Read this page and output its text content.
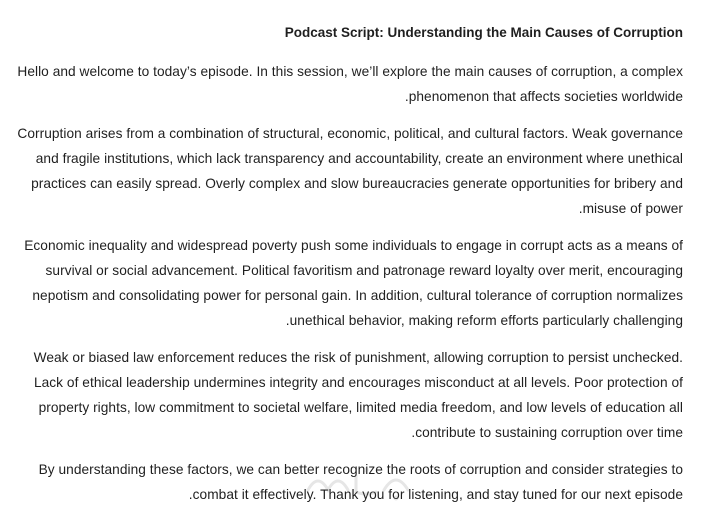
Podcast Script: Understanding the Main Causes of Corruption

Hello and welcome to today’s episode. In this session, we’ll explore the main causes of corruption, a complex phenomenon that affects societies worldwide.

Corruption arises from a combination of structural, economic, political, and cultural factors. Weak governance and fragile institutions, which lack transparency and accountability, create an environment where unethical practices can easily spread. Overly complex and slow bureaucracies generate opportunities for bribery and misuse of power.

Economic inequality and widespread poverty push some individuals to engage in corrupt acts as a means of survival or social advancement. Political favoritism and patronage reward loyalty over merit, encouraging nepotism and consolidating power for personal gain. In addition, cultural tolerance of corruption normalizes unethical behavior, making reform efforts particularly challenging.

Weak or biased law enforcement reduces the risk of punishment, allowing corruption to persist unchecked. Lack of ethical leadership undermines integrity and encourages misconduct at all levels. Poor protection of property rights, low commitment to societal welfare, limited media freedom, and low levels of education all contribute to sustaining corruption over time.

By understanding these factors, we can better recognize the roots of corruption and consider strategies to combat it effectively. Thank you for listening, and stay tuned for our next episode.
